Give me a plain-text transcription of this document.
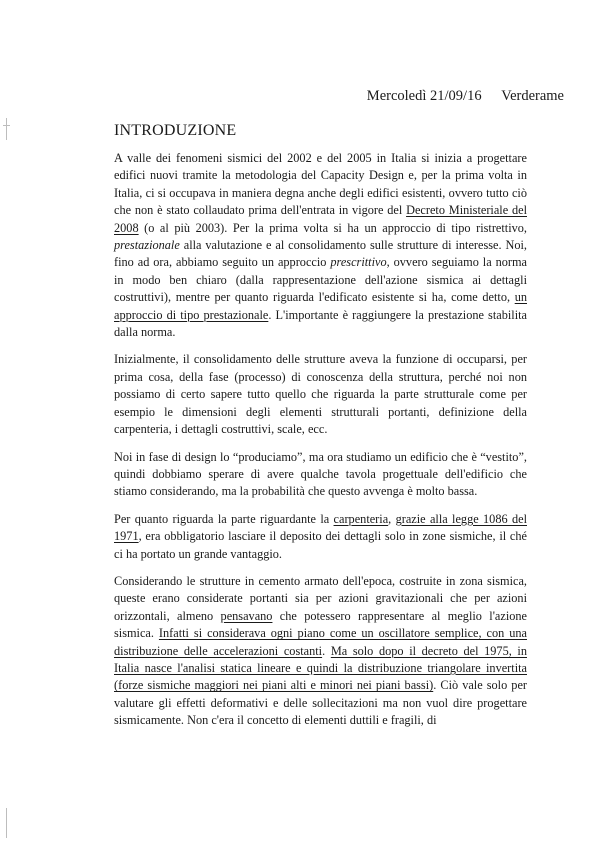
Mercoledì 21/09/16 Verderame
INTRODUZIONE

A valle dei fenomeni sismici del 2002 e del 2005 in Italia si inizia a progettare edifici nuovi tramite la metodologia del Capacity Design e, per la prima volta in Italia, ci si occupava in maniera degna anche degli edifici esistenti, ovvero tutto ciò che non è stato collaudato prima dell'entrata in vigore del Decreto Ministeriale del 2008 (o al più 2003). Per la prima volta si ha un approccio di tipo ristrettivo, prestazionale alla valutazione e al consolidamento sulle strutture di interesse. Noi, fino ad ora, abbiamo seguito un approccio prescrittivo, ovvero seguiamo la norma in modo ben chiaro (dalla rappresentazione dell'azione sismica ai dettagli costruttivi), mentre per quanto riguarda l'edificato esistente si ha, come detto, un approccio di tipo prestazionale. L'importante è raggiungere la prestazione stabilita dalla norma.

Inizialmente, il consolidamento delle strutture aveva la funzione di occuparsi, per prima cosa, della fase (processo) di conoscenza della struttura, perché noi non possiamo di certo sapere tutto quello che riguarda la parte strutturale come per esempio le dimensioni degli elementi strutturali portanti, definizione della carpenteria, i dettagli costruttivi, scale, ecc.

Noi in fase di design lo “produciamo”, ma ora studiamo un edificio che è “vestito”, quindi dobbiamo sperare di avere qualche tavola progettuale dell'edificio che stiamo considerando, ma la probabilità che questo avvenga è molto bassa.

Per quanto riguarda la parte riguardante la carpenteria, grazie alla legge 1086 del 1971, era obbligatorio lasciare il deposito dei dettagli solo in zone sismiche, il ché ci ha portato un grande vantaggio.

Considerando le strutture in cemento armato dell'epoca, costruite in zona sismica, queste erano considerate portanti sia per azioni gravitazionali che per azioni orizzontali, almeno pensavano che potessero rappresentare al meglio l'azione sismica. Infatti si considerava ogni piano come un oscillatore semplice, con una distribuzione delle accelerazioni costanti. Ma solo dopo il decreto del 1975, in Italia nasce l'analisi statica lineare e quindi la distribuzione triangolare invertita (forze sismiche maggiori nei piani alti e minori nei piani bassi). Ciò vale solo per valutare gli effetti deformativi e delle sollecitazioni ma non vuol dire progettare sismicamente. Non c'era il concetto di elementi duttili e fragili, di
